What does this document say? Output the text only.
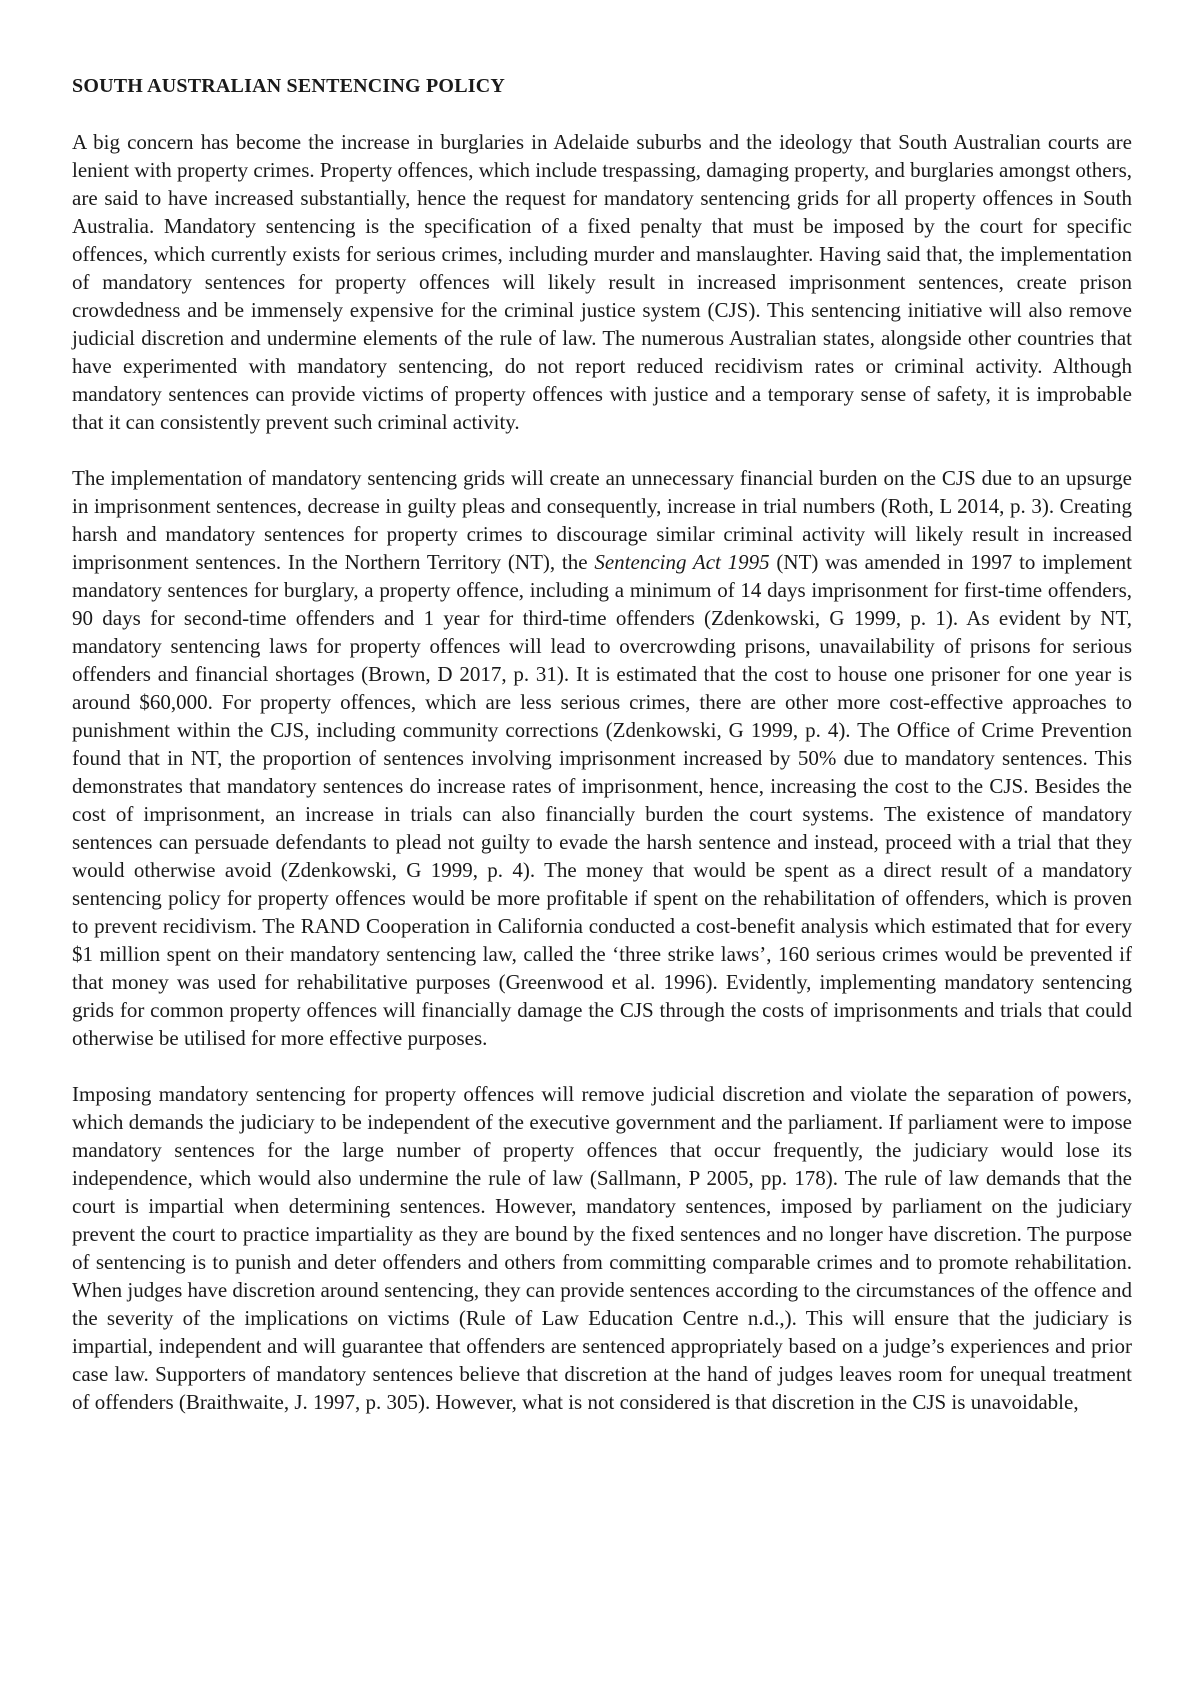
SOUTH AUSTRALIAN SENTENCING POLICY

A big concern has become the increase in burglaries in Adelaide suburbs and the ideology that South Australian courts are lenient with property crimes. Property offences, which include trespassing, damaging property, and burglaries amongst others, are said to have increased substantially, hence the request for mandatory sentencing grids for all property offences in South Australia. Mandatory sentencing is the specification of a fixed penalty that must be imposed by the court for specific offences, which currently exists for serious crimes, including murder and manslaughter. Having said that, the implementation of mandatory sentences for property offences will likely result in increased imprisonment sentences, create prison crowdedness and be immensely expensive for the criminal justice system (CJS). This sentencing initiative will also remove judicial discretion and undermine elements of the rule of law. The numerous Australian states, alongside other countries that have experimented with mandatory sentencing, do not report reduced recidivism rates or criminal activity. Although mandatory sentences can provide victims of property offences with justice and a temporary sense of safety, it is improbable that it can consistently prevent such criminal activity.

The implementation of mandatory sentencing grids will create an unnecessary financial burden on the CJS due to an upsurge in imprisonment sentences, decrease in guilty pleas and consequently, increase in trial numbers (Roth, L 2014, p. 3). Creating harsh and mandatory sentences for property crimes to discourage similar criminal activity will likely result in increased imprisonment sentences. In the Northern Territory (NT), the Sentencing Act 1995 (NT) was amended in 1997 to implement mandatory sentences for burglary, a property offence, including a minimum of 14 days imprisonment for first-time offenders, 90 days for second-time offenders and 1 year for third-time offenders (Zdenkowski, G 1999, p. 1). As evident by NT, mandatory sentencing laws for property offences will lead to overcrowding prisons, unavailability of prisons for serious offenders and financial shortages (Brown, D 2017, p. 31). It is estimated that the cost to house one prisoner for one year is around $60,000. For property offences, which are less serious crimes, there are other more cost-effective approaches to punishment within the CJS, including community corrections (Zdenkowski, G 1999, p. 4). The Office of Crime Prevention found that in NT, the proportion of sentences involving imprisonment increased by 50% due to mandatory sentences. This demonstrates that mandatory sentences do increase rates of imprisonment, hence, increasing the cost to the CJS. Besides the cost of imprisonment, an increase in trials can also financially burden the court systems. The existence of mandatory sentences can persuade defendants to plead not guilty to evade the harsh sentence and instead, proceed with a trial that they would otherwise avoid (Zdenkowski, G 1999, p. 4). The money that would be spent as a direct result of a mandatory sentencing policy for property offences would be more profitable if spent on the rehabilitation of offenders, which is proven to prevent recidivism. The RAND Cooperation in California conducted a cost-benefit analysis which estimated that for every $1 million spent on their mandatory sentencing law, called the ‘three strike laws’, 160 serious crimes would be prevented if that money was used for rehabilitative purposes (Greenwood et al. 1996). Evidently, implementing mandatory sentencing grids for common property offences will financially damage the CJS through the costs of imprisonments and trials that could otherwise be utilised for more effective purposes.

Imposing mandatory sentencing for property offences will remove judicial discretion and violate the separation of powers, which demands the judiciary to be independent of the executive government and the parliament. If parliament were to impose mandatory sentences for the large number of property offences that occur frequently, the judiciary would lose its independence, which would also undermine the rule of law (Sallmann, P 2005, pp. 178). The rule of law demands that the court is impartial when determining sentences. However, mandatory sentences, imposed by parliament on the judiciary prevent the court to practice impartiality as they are bound by the fixed sentences and no longer have discretion. The purpose of sentencing is to punish and deter offenders and others from committing comparable crimes and to promote rehabilitation. When judges have discretion around sentencing, they can provide sentences according to the circumstances of the offence and the severity of the implications on victims (Rule of Law Education Centre n.d.,). This will ensure that the judiciary is impartial, independent and will guarantee that offenders are sentenced appropriately based on a judge’s experiences and prior case law. Supporters of mandatory sentences believe that discretion at the hand of judges leaves room for unequal treatment of offenders (Braithwaite, J. 1997, p. 305). However, what is not considered is that discretion in the CJS is unavoidable,
